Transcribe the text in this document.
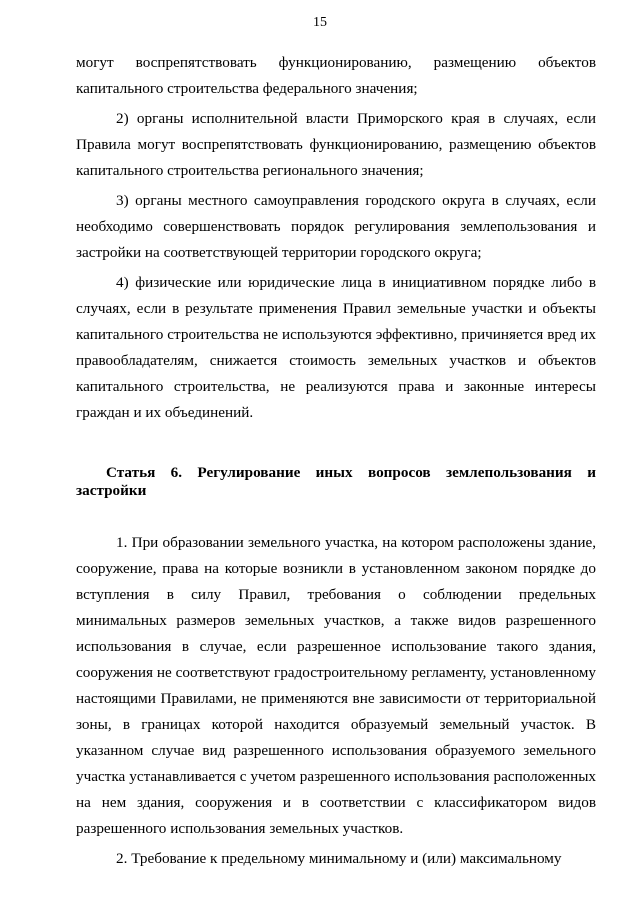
15

могут воспрепятствовать функционированию, размещению объектов капитального строительства федерального значения;

2) органы исполнительной власти Приморского края в случаях, если Правила могут воспрепятствовать функционированию, размещению объектов капитального строительства регионального значения;

3) органы местного самоуправления городского округа в случаях, если необходимо совершенствовать порядок регулирования землепользования и застройки на соответствующей территории городского округа;

4) физические или юридические лица в инициативном порядке либо в случаях, если в результате применения Правил земельные участки и объекты капитального строительства не используются эффективно, причиняется вред их правообладателям, снижается стоимость земельных участков и объектов капитального строительства, не реализуются права и законные интересы граждан и их объединений.

Статья 6. Регулирование иных вопросов землепользования и застройки

1. При образовании земельного участка, на котором расположены здание, сооружение, права на которые возникли в установленном законом порядке до вступления в силу Правил, требования о соблюдении предельных минимальных размеров земельных участков, а также видов разрешенного использования в случае, если разрешенное использование такого здания, сооружения не соответствуют градостроительному регламенту, установленному настоящими Правилами, не применяются вне зависимости от территориальной зоны, в границах которой находится образуемый земельный участок. В указанном случае вид разрешенного использования образуемого земельного участка устанавливается с учетом разрешенного использования расположенных на нем здания, сооружения и в соответствии с классификатором видов разрешенного использования земельных участков.

2. Требование к предельному минимальному и (или) максимальному
